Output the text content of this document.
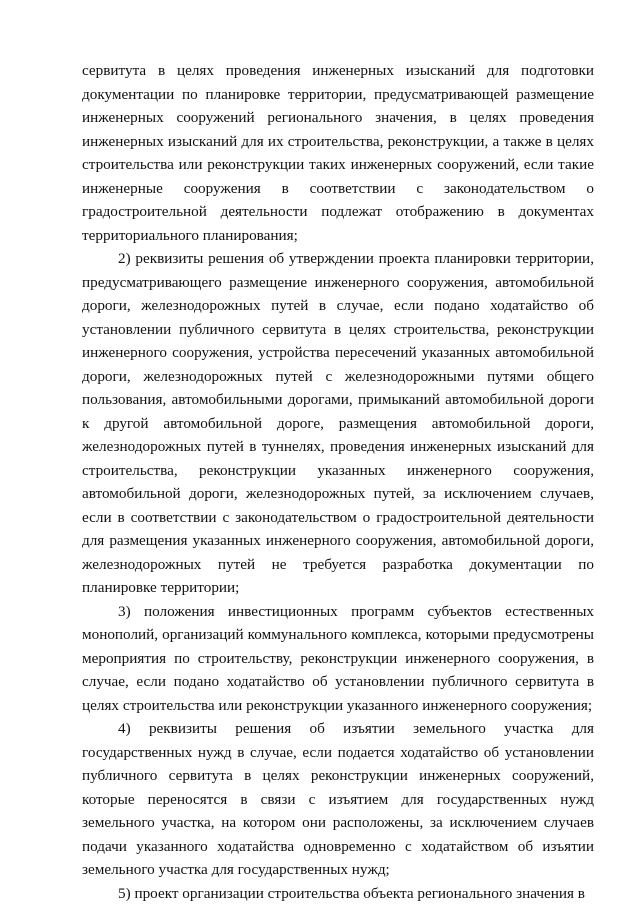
сервитута в целях проведения инженерных изысканий для подготовки документации по планировке территории, предусматривающей размещение инженерных сооружений регионального значения, в целях проведения инженерных изысканий для их строительства, реконструкции, а также в целях строительства или реконструкции таких инженерных сооружений, если такие инженерные сооружения в соответствии с законодательством о градостроительной деятельности подлежат отображению в документах территориального планирования;

2) реквизиты решения об утверждении проекта планировки территории, предусматривающего размещение инженерного сооружения, автомобильной дороги, железнодорожных путей в случае, если подано ходатайство об установлении публичного сервитута в целях строительства, реконструкции инженерного сооружения, устройства пересечений указанных автомобильной дороги, железнодорожных путей с железнодорожными путями общего пользования, автомобильными дорогами, примыканий автомобильной дороги к другой автомобильной дороге, размещения автомобильной дороги, железнодорожных путей в туннелях, проведения инженерных изысканий для строительства, реконструкции указанных инженерного сооружения, автомобильной дороги, железнодорожных путей, за исключением случаев, если в соответствии с законодательством о градостроительной деятельности для размещения указанных инженерного сооружения, автомобильной дороги, железнодорожных путей не требуется разработка документации по планировке территории;

3) положения инвестиционных программ субъектов естественных монополий, организаций коммунального комплекса, которыми предусмотрены мероприятия по строительству, реконструкции инженерного сооружения, в случае, если подано ходатайство об установлении публичного сервитута в целях строительства или реконструкции указанного инженерного сооружения;

4) реквизиты решения об изъятии земельного участка для государственных нужд в случае, если подается ходатайство об установлении публичного сервитута в целях реконструкции инженерных сооружений, которые переносятся в связи с изъятием для государственных нужд земельного участка, на котором они расположены, за исключением случаев подачи указанного ходатайства одновременно с ходатайством об изъятии земельного участка для государственных нужд;

5) проект организации строительства объекта регионального значения в
